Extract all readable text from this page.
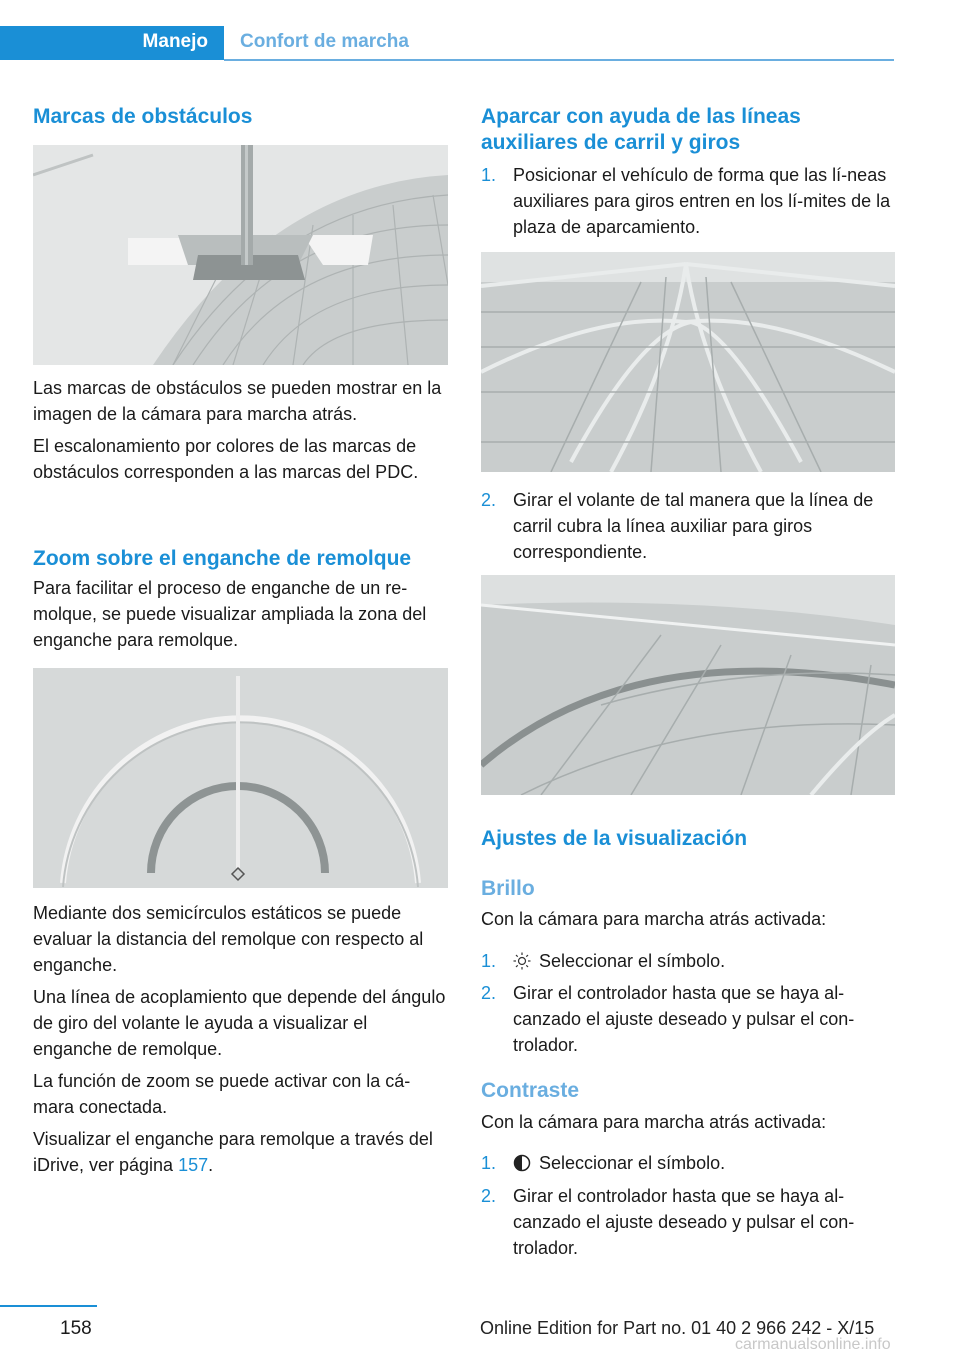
Manejo Confort de marcha
Marcas de obstáculos

Las marcas de obstáculos se pueden mostrar en la imagen de la cámara para marcha atrás.

El escalonamiento por colores de las marcas de obstáculos corresponden a las marcas del PDC.

Zoom sobre el enganche de remolque

Para facilitar el proceso de enganche de un re‐molque, se puede visualizar ampliada la zona del enganche para remolque.

Mediante dos semicírculos estáticos se puede evaluar la distancia del remolque con respecto al enganche.

Una línea de acoplamiento que depende del ángulo de giro del volante le ayuda a visualizar el enganche de remolque.

La función de zoom se puede activar con la cá‐mara conectada.

Visualizar el enganche para remolque a través del iDrive, ver página 157.

Aparcar con ayuda de las líneas auxiliares de carril y giros
1. Posicionar el vehículo de forma que las lí‐neas auxiliares para giros entren en los lí‐mites de la plaza de aparcamiento.
2. Girar el volante de tal manera que la línea de carril cubra la línea auxiliar para giros correspondiente.
Ajustes de la visualización
Brillo

Con la cámara para marcha atrás activada:

1.	Seleccionar el símbolo.
2. Girar el controlador hasta que se haya al‐canzado el ajuste deseado y pulsar el con‐trolador.
Contraste

Con la cámara para marcha atrás activada:

1.	Seleccionar el símbolo.
2. Girar el controlador hasta que se haya al‐canzado el ajuste deseado y pulsar el con‐trolador.
158	Online Edition for Part no. 01 40 2 966 242 - X/15
carmanualsonline.info
